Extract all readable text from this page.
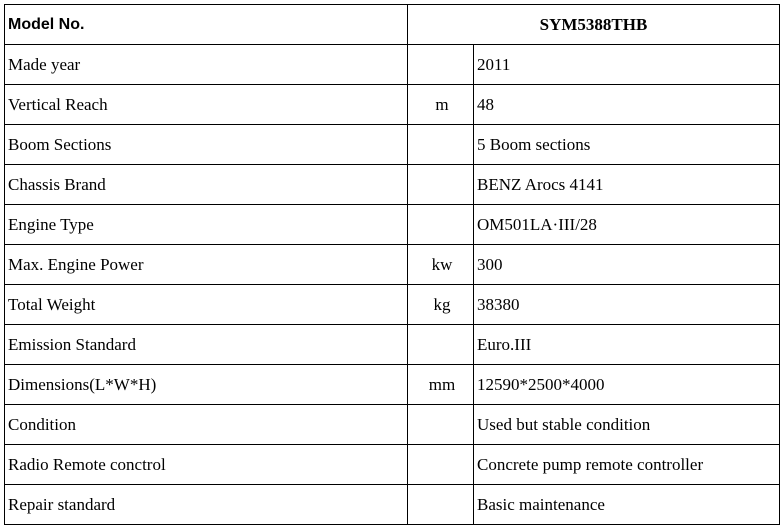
Model No.	SYM5388THB	
Made year		2011
Vertical Reach	m	48
Boom Sections		5 Boom sections
Chassis Brand		BENZ Arocs 4141
Engine Type		OM501LA·III/28
Max. Engine Power	kw	300
Total Weight	kg	38380
Emission Standard		Euro.III
Dimensions(L*W*H)	mm	12590*2500*4000
Condition		Used but stable condition
Radio Remote conctrol		Concrete pump remote controller
Repair standard		Basic maintenance
